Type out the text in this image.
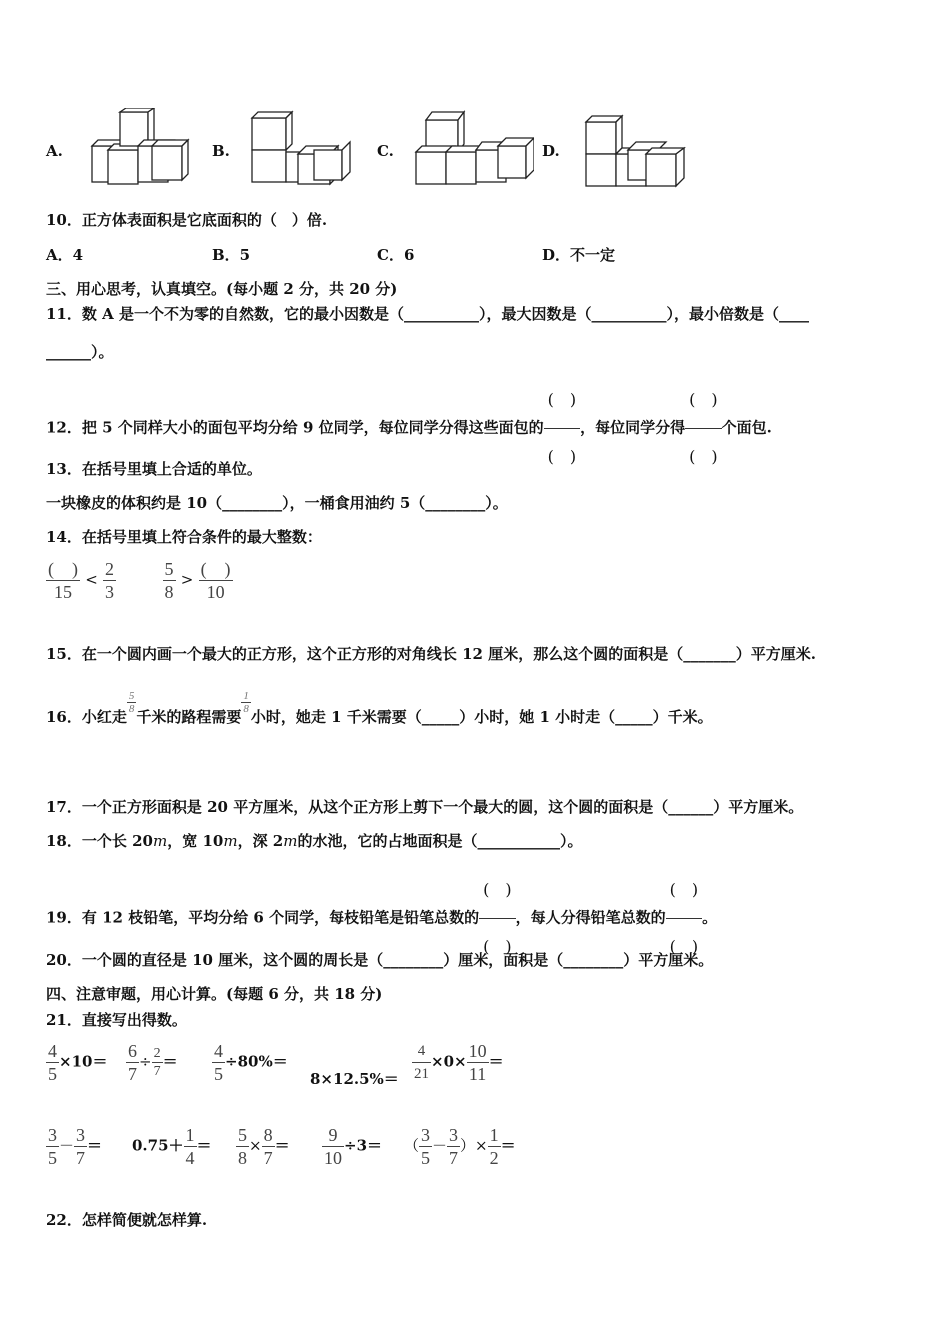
A.	B.	C.	D.
10．正方体表面积是它底面积的（　）倍.
A．4	B．5	C．6	D．不一定
三、用心思考，认真填空。(每小题 2 分，共 20 分)
11．数 A 是一个不为零的自然数，它的最小因数是（__________），最大因数是（__________），最小倍数是（____
______）。
12．把 5 个同样大小的面包平均分给 9 位同学，每位同学分得这些面包的
(　)
(　)
，每位同学分得
(　)
(　)
个面包.
13．在括号里填上合适的单位。
一块橡皮的体积约是 10（________），一桶食用油约 5（________）。
14．在括号里填上符合条件的最大整数：
(　)
15
< $\frac{2}{3}$
	$\frac{5}{8}$ >
(　)
10
15．在一个圆内画一个最大的正方形，这个正方形的对角线长 12 厘米，那么这个圆的面积是（_______）平方厘米.
16．小红走
$\frac{5}{8}$
千米的路程需要
$\frac{1}{8}$
小时，她走 1 千米需要（_____）小时，她 1 小时走（_____）千米。
17．一个正方形面积是 20 平方厘米，从这个正方形上剪下一个最大的圆，这个圆的面积是（______）平方厘米。
18．一个长 20m，宽 10m，深 2m的水池，它的占地面积是（___________）。
19．有 12 枝铅笔，平均分给 6 个同学，每枝铅笔是铅笔总数的
(　)
(　)
，每人分得铅笔总数的
(　)
(　)
。
20．一个圆的直径是 10 厘米，这个圆的周长是（________）厘米，面积是（________）平方厘米。
四、注意审题，用心计算。(每题 6 分，共 18 分)
21．直接写出得数。
$\frac{4}{5} \times 10= \frac{6}{7} \div \frac{2}{7} = \frac{4}{5} \div 80\%=$
$8\times 12.5\%= \frac{4}{21} \times 0\times \frac{10}{11}$ ＝
$\frac{3}{5} - \frac{3}{7} = 0.75+ \frac{1}{4} = \frac{5}{8} \times \frac{8}{7} = \frac{9}{10} \div 3=$ （ $\frac{3}{5} - \frac{3}{7}$ ）× $\frac{1}{2}$ ＝
22．怎样简便就怎样算.
